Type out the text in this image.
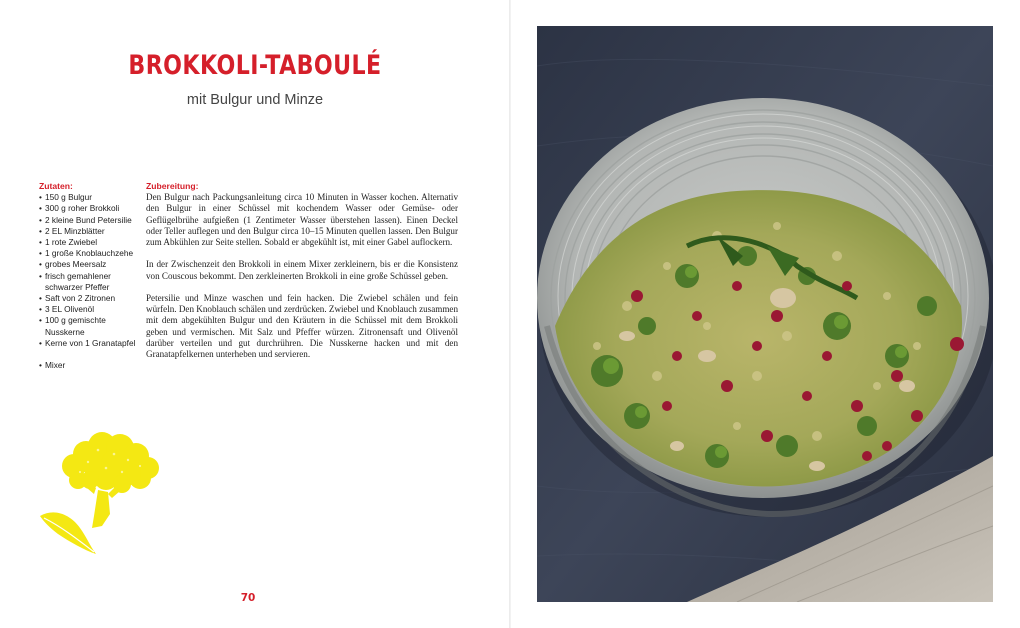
BROKKOLI-TABOULÉ
mit Bulgur und Minze
Zutaten:
• 150 g Bulgur
• 300 g roher Brokkoli
• 2 kleine Bund Petersilie
• 2 EL Minzblätter
• 1 rote Zwiebel
• 1 große Knoblauchzehe
• grobes Meersalz
• frisch gemahlener schwarzer Pfeffer
• Saft von 2 Zitronen
• 3 EL Olivenöl
• 100 g gemischte Nusskerne
• Kerne von 1 Granatapfel
• Mixer
Zubereitung:

Den Bulgur nach Packungsanleitung circa 10 Minuten in Wasser kochen. Alternativ den Bulgur in einer Schüssel mit kochendem Wasser oder Gemüse- oder Geflügelbrühe aufgießen (1 Zentimeter Wasser überstehen lassen). Einen Deckel oder Teller auflegen und den Bulgur circa 10–15 Minuten quellen lassen. Den Bulgur zum Abkühlen zur Seite stellen. Sobald er abgekühlt ist, mit einer Gabel auflockern.

In der Zwischenzeit den Brokkoli in einem Mixer zerkleinern, bis er die Konsistenz von Couscous bekommt. Den zerkleinerten Brokkoli in eine große Schüssel geben.

Petersilie und Minze waschen und fein hacken. Die Zwiebel schälen und fein würfeln. Den Knoblauch schälen und zerdrücken. Zwiebel und Knoblauch zusammen mit dem abgekühlten Bulgur und den Kräutern in die Schüssel mit dem Brokkoli geben und vermischen. Mit Salz und Pfeffer würzen. Zitronensaft und Olivenöl darüber verteilen und gut durchrühren. Die Nusskerne hacken und mit den Granatapfelkernen unterheben und servieren.

70
